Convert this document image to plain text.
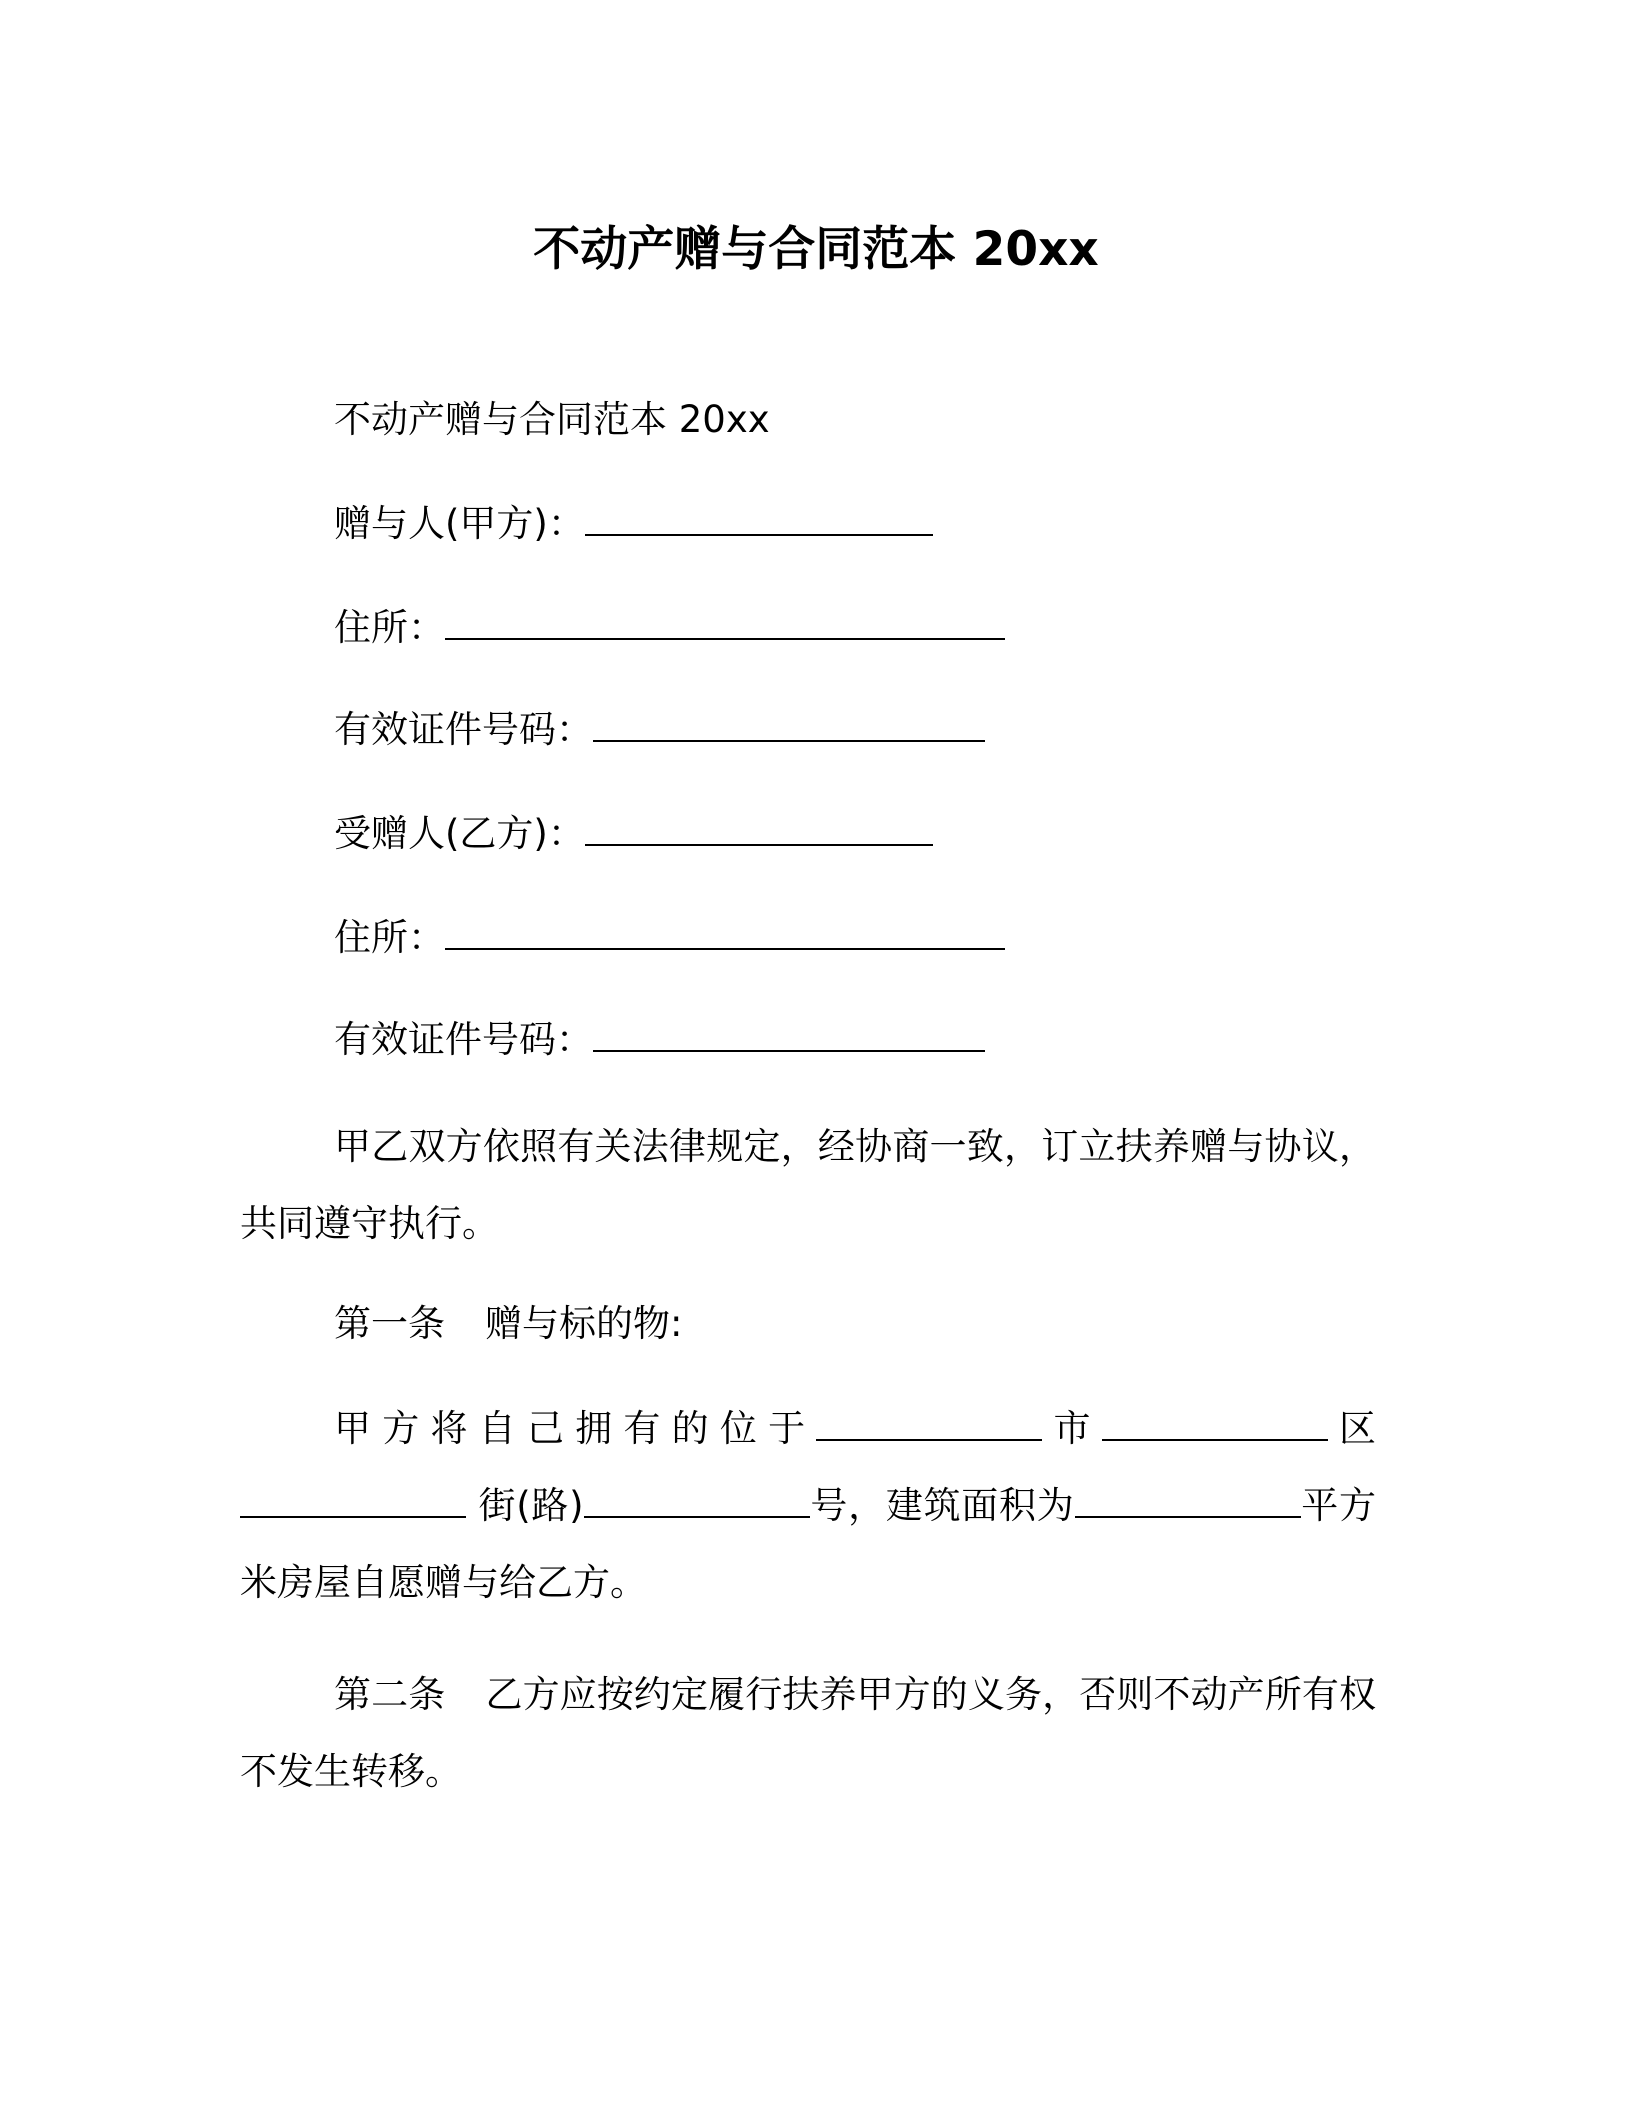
不动产赠与合同范本 20xx

不动产赠与合同范本 20xx

赠与人(甲方)：

住所：

有效证件号码：

受赠人(乙方)：

住所：

有效证件号码：

甲乙双方依照有关法律规定，经协商一致，订立扶养赠与协议，共同遵守执行。

第一条 赠与标的物:

甲方将自己拥有的位于	市	区 街(路)	号，建筑面积为	平方米房屋自愿赠与给乙方。

第二条 乙方应按约定履行扶养甲方的义务，否则不动产所有权不发生转移。
